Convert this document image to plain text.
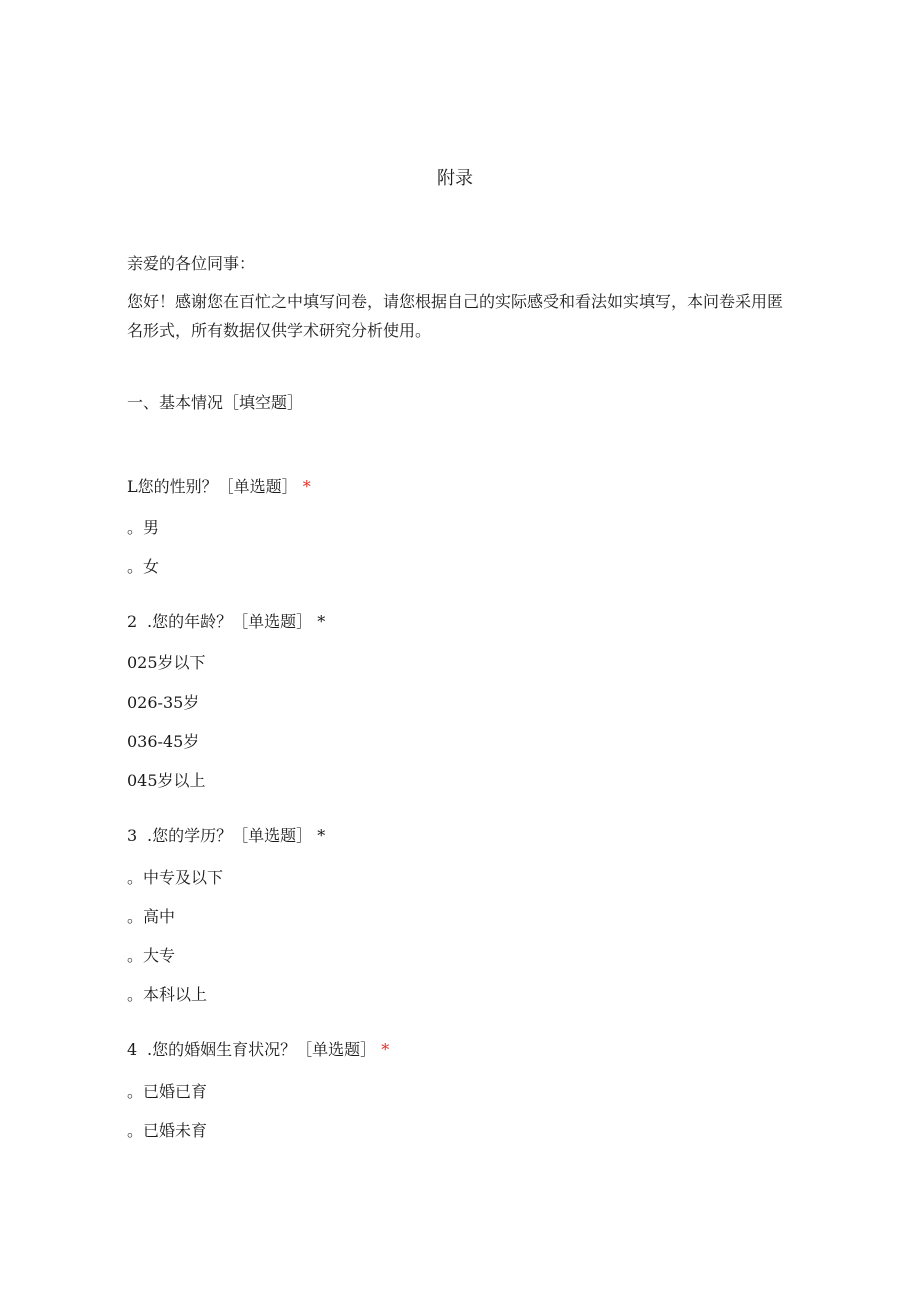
附录
亲爱的各位同事：
您好！感谢您在百忙之中填写问卷，请您根据自己的实际感受和看法如实填写，本问卷采用匿名形式，所有数据仅供学术研究分析使用。
一、基本情况［填空题］
L您的性别？［单选题］ *
。男
。女
2 .您的年龄？［单选题］ *
025岁以下
026-35岁
036-45岁
045岁以上
3 .您的学历？［单选题］ *
。中专及以下
。高中
。大专
。本科以上
4 .您的婚姻生育状况？［单选题］ *
。已婚已育
。已婚未育
